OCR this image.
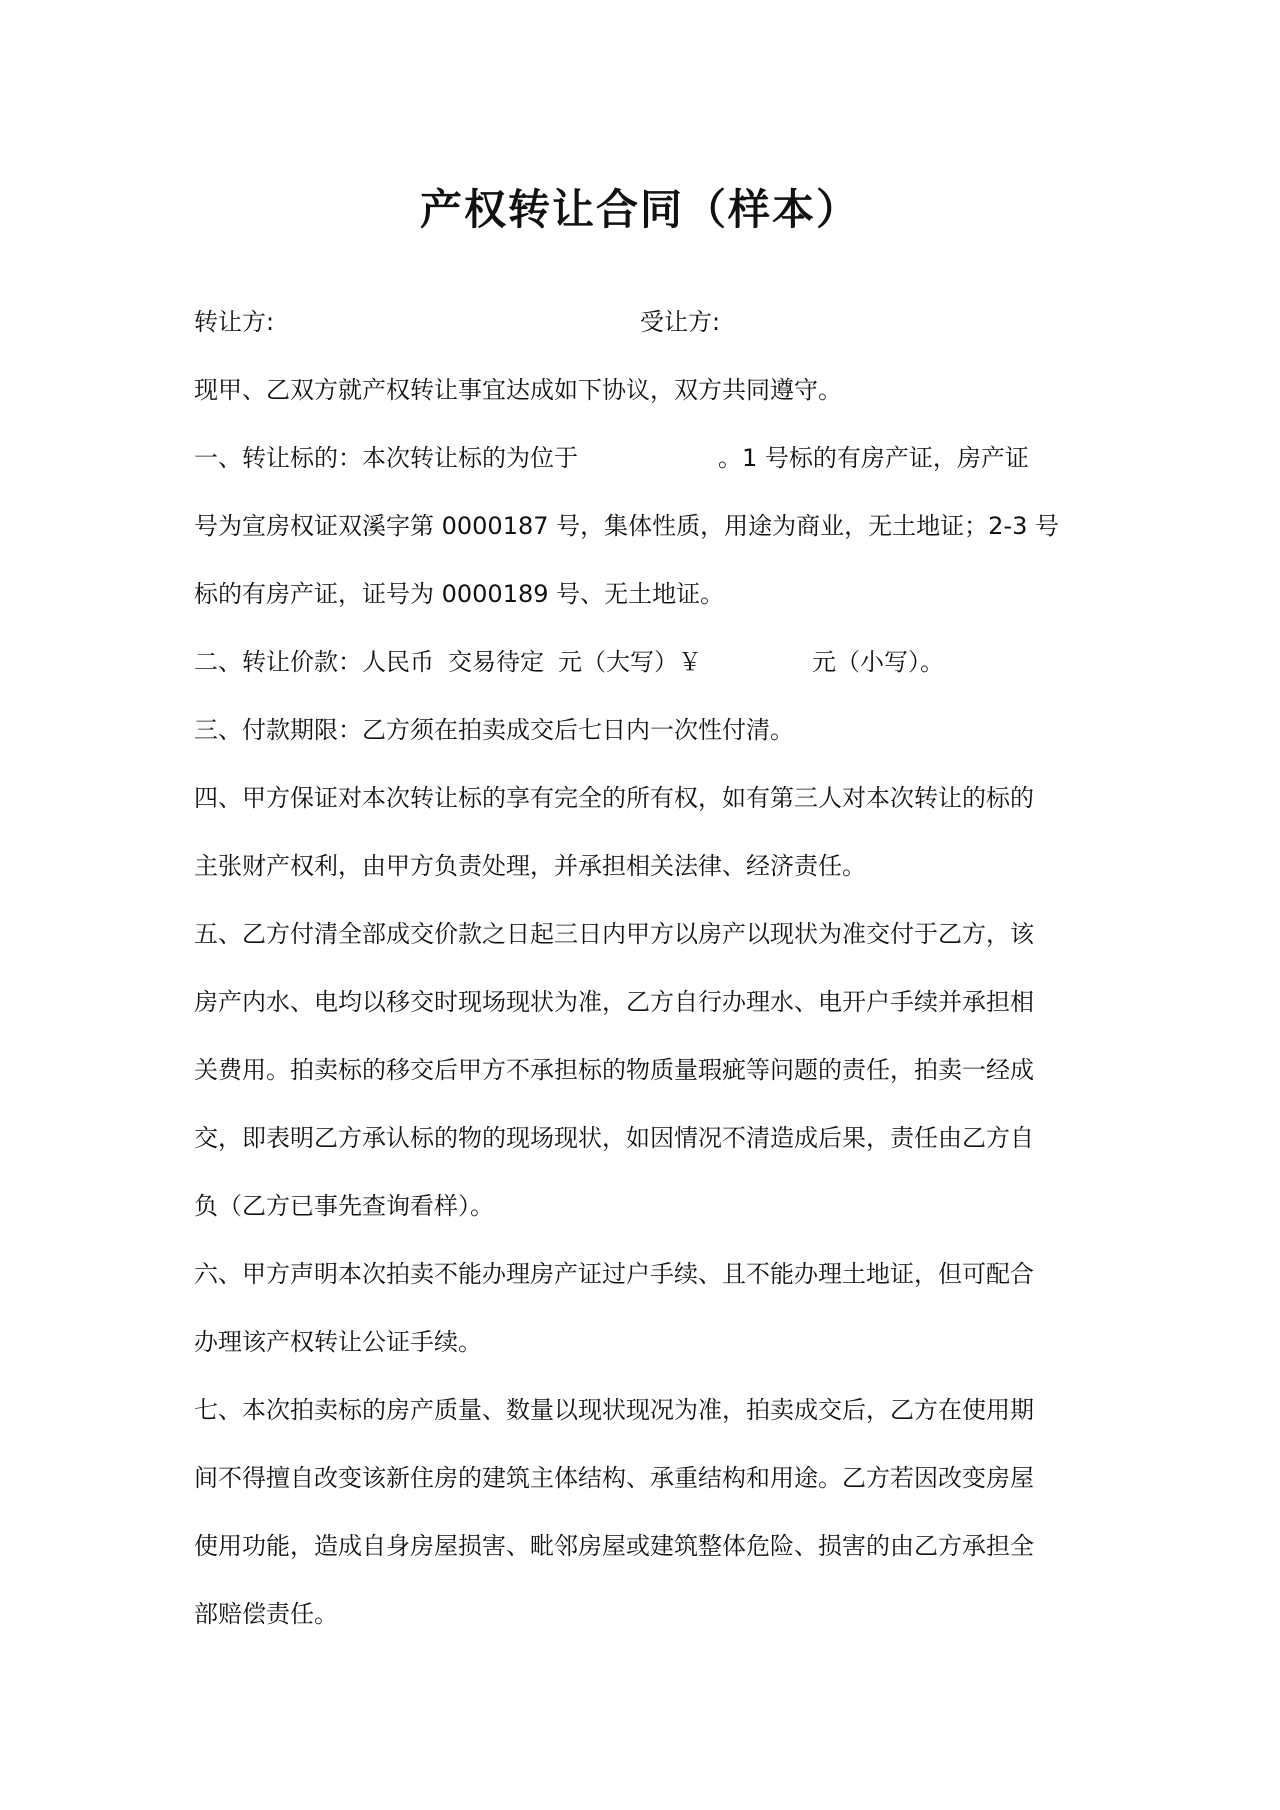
产权转让合同（样本）
转让方:	受让方:

现甲、乙双方就产权转让事宜达成如下协议，双方共同遵守。

一、转让标的：本次转让标的为位于	。1 号标的有房产证，房产证

号为宣房权证双溪字第 0000187 号，集体性质，用途为商业，无土地证；2-3 号

标的有房产证，证号为 0000189 号、无土地证。

二、转让价款：人民币 交易待定 元（大写）￥	元（小写）。

三、付款期限：乙方须在拍卖成交后七日内一次性付清。

四、甲方保证对本次转让标的享有完全的所有权，如有第三人对本次转让的标的

主张财产权利，由甲方负责处理，并承担相关法律、经济责任。

五、乙方付清全部成交价款之日起三日内甲方以房产以现状为准交付于乙方，该

房产内水、电均以移交时现场现状为准，乙方自行办理水、电开户手续并承担相

关费用。拍卖标的移交后甲方不承担标的物质量瑕疵等问题的责任，拍卖一经成

交，即表明乙方承认标的物的现场现状，如因情况不清造成后果，责任由乙方自

负（乙方已事先查询看样）。

六、甲方声明本次拍卖不能办理房产证过户手续、且不能办理土地证，但可配合

办理该产权转让公证手续。

七、本次拍卖标的房产质量、数量以现状现况为准，拍卖成交后，乙方在使用期

间不得擅自改变该新住房的建筑主体结构、承重结构和用途。乙方若因改变房屋

使用功能，造成自身房屋损害、毗邻房屋或建筑整体危险、损害的由乙方承担全

部赔偿责任。
